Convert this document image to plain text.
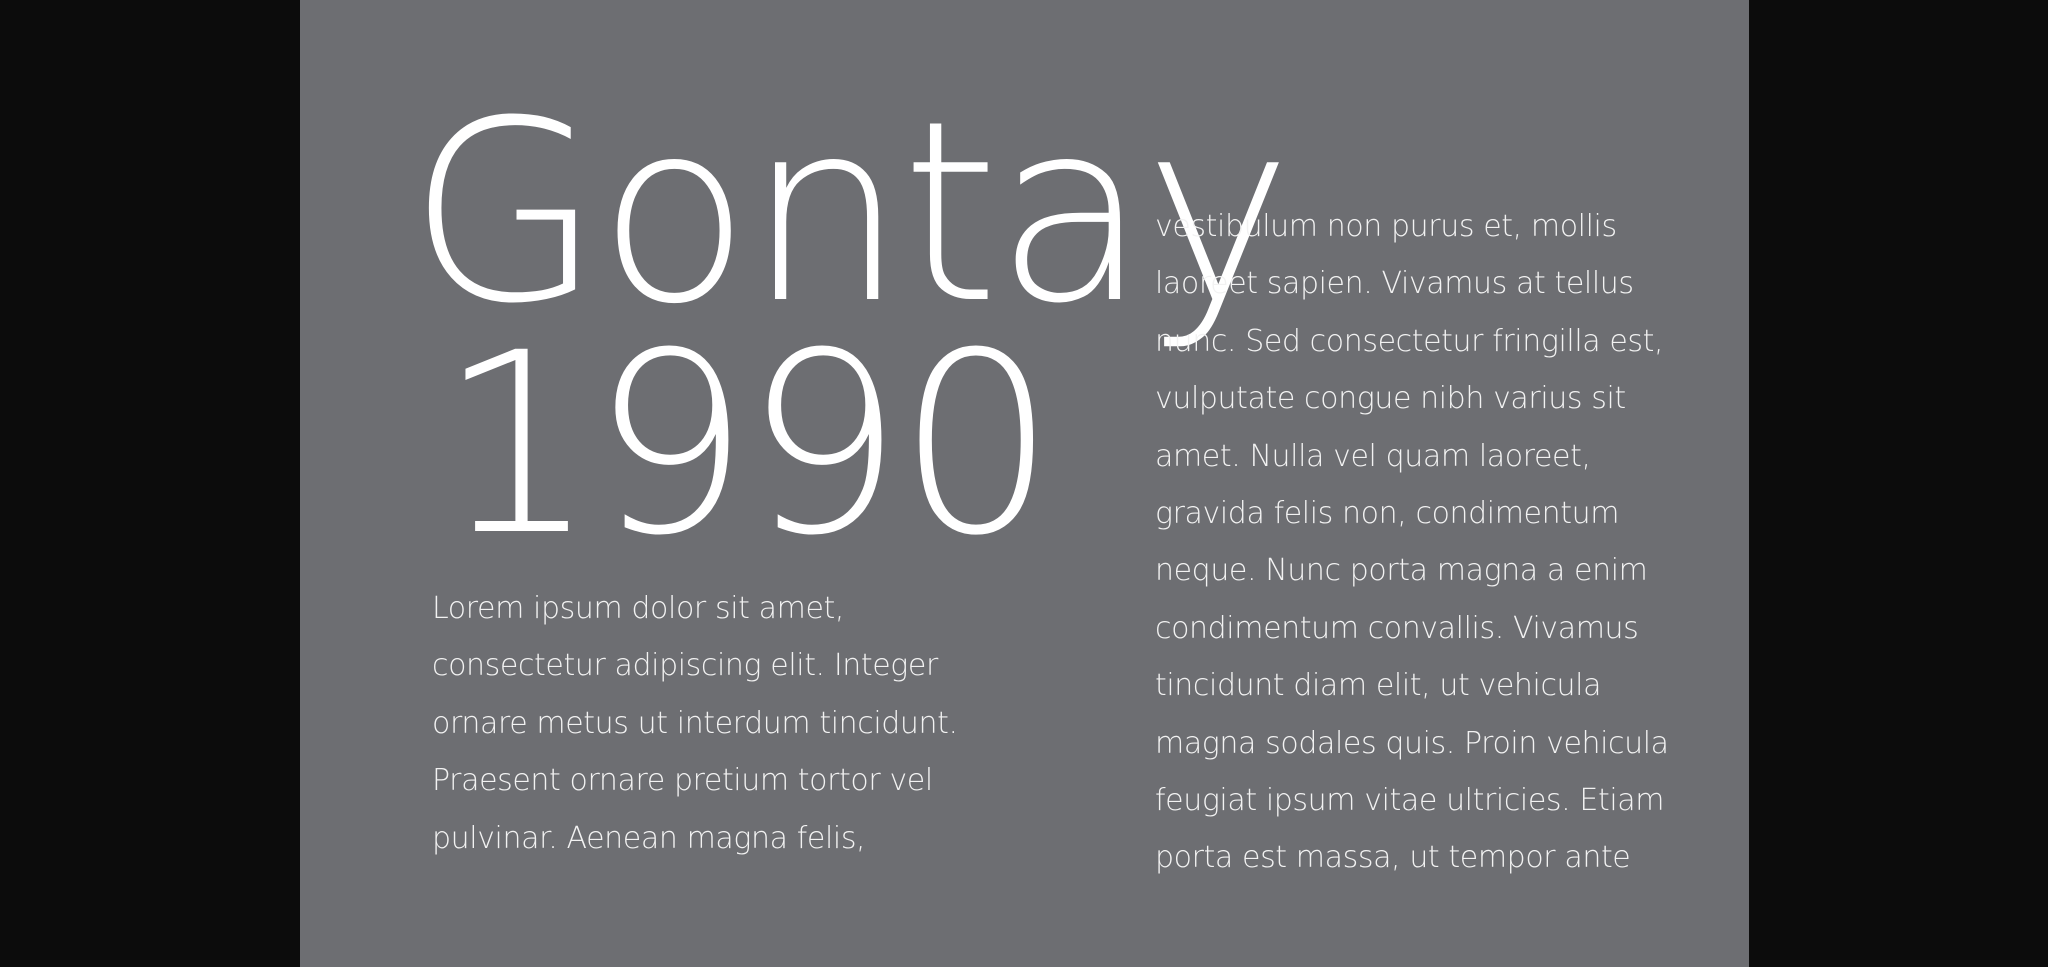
Gontay
1990

Lorem ipsum dolor sit amet,
consectetur adipiscing elit. Integer
ornare metus ut interdum tincidunt.
Praesent ornare pretium tortor vel
pulvinar. Aenean magna felis,

vestibulum non purus et, mollis
laoreet sapien. Vivamus at tellus
nunc. Sed consectetur fringilla est,
vulputate congue nibh varius sit
amet. Nulla vel quam laoreet,
gravida felis non, condimentum
neque. Nunc porta magna a enim
condimentum convallis. Vivamus
tincidunt diam elit, ut vehicula
magna sodales quis. Proin vehicula
feugiat ipsum vitae ultricies. Etiam
porta est massa, ut tempor ante
